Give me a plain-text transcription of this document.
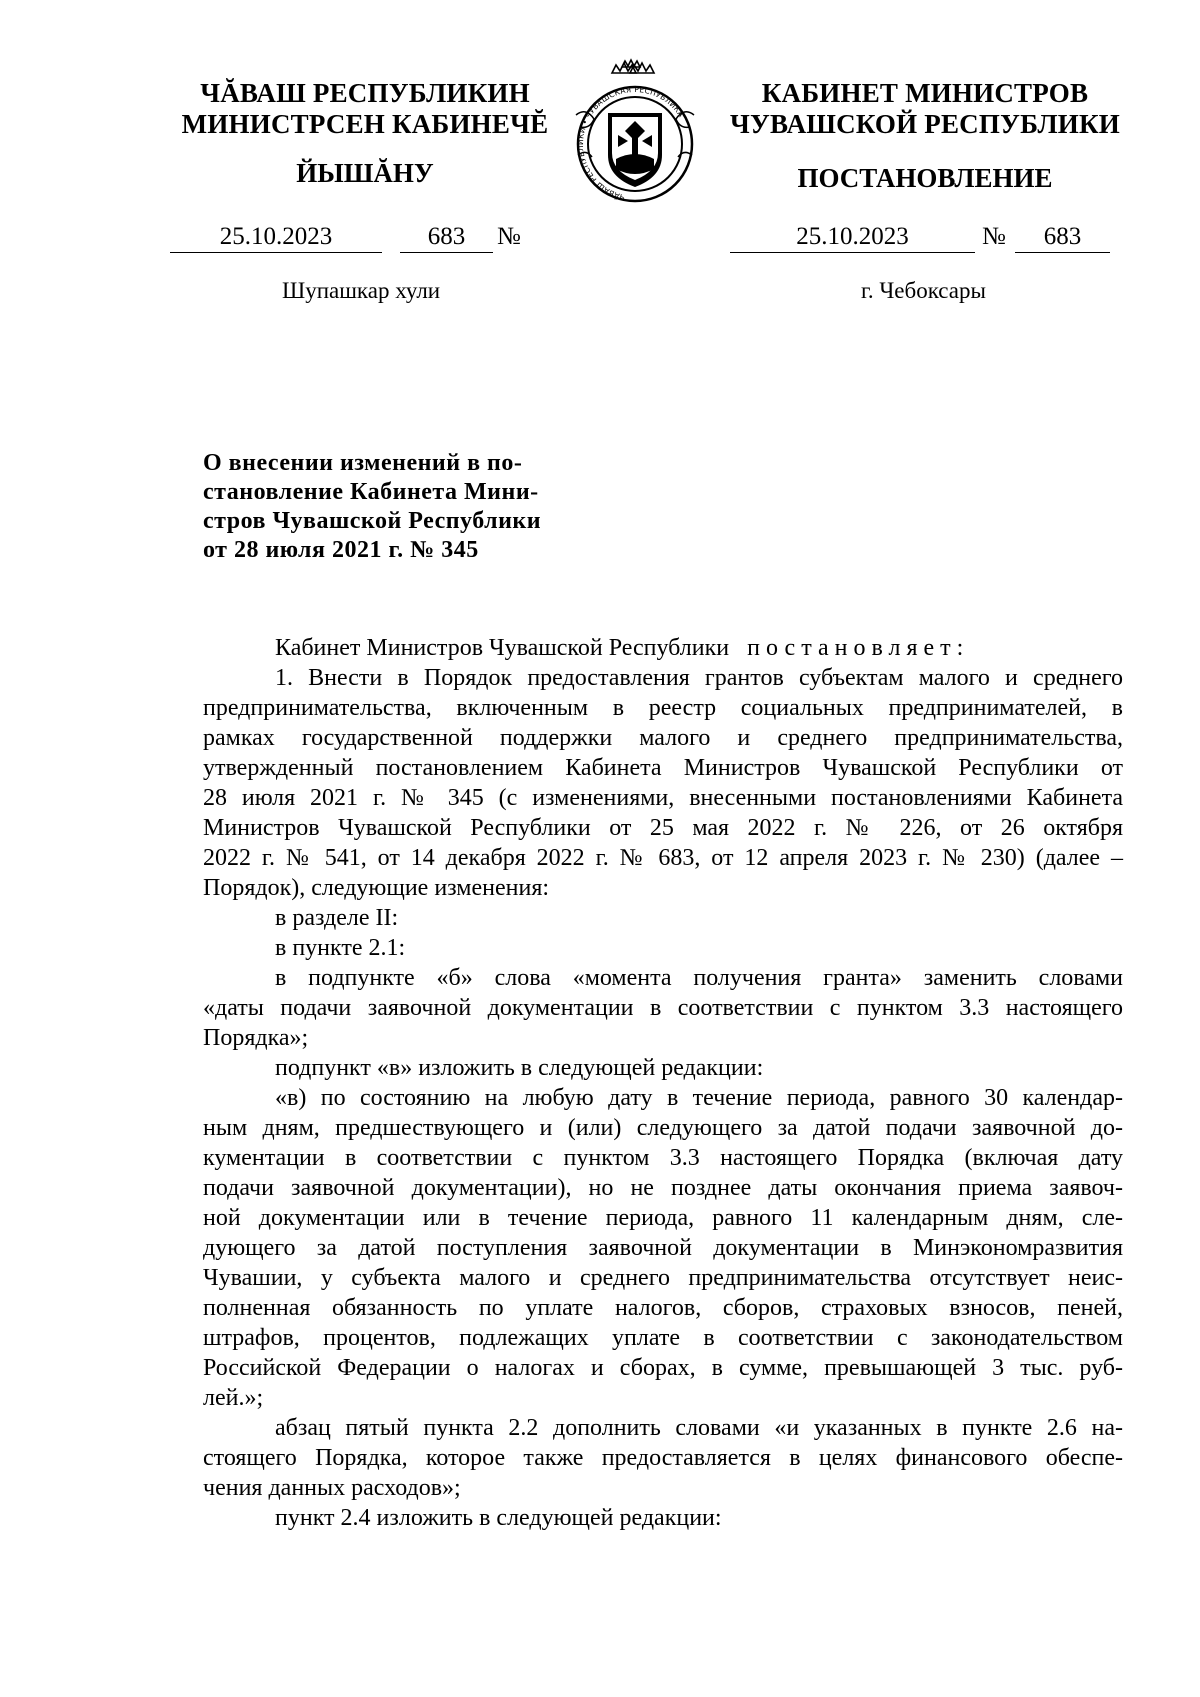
ЧĂВАШ РЕСПУБЛИКИН
МИНИСТРСЕН КАБИНЕЧĔ
ЙЫШĂНУ
ЧĂВАШ РЕСПУБЛИКИ • ЧУВАШСКАЯ РЕСПУБЛИКА
КАБИНЕТ МИНИСТРОВ
ЧУВАШСКОЙ РЕСПУБЛИКИ
ПОСТАНОВЛЕНИЕ
25.10.2023	683	№	25.10.2023	№	683
Шупашкар хули	г. Чебоксары
О внесении изменений в по-
становление Кабинета Мини-
стров Чувашской Республики
от 28 июля 2021 г. № 345
Кабинет Министров Чувашской Республики постановляет:
1. Внести в Порядок предоставления грантов субъектам малого и среднего
предпринимательства, включенным в реестр социальных предпринимателей, в
рамках государственной поддержки малого и среднего предпринимательства,
утвержденный постановлением Кабинета Министров Чувашской Республики от
28 июля 2021 г. № 345 (с изменениями, внесенными постановлениями Кабинета
Министров Чувашской Республики от 25 мая 2022 г. № 226, от 26 октября
2022 г. № 541, от 14 декабря 2022 г. № 683, от 12 апреля 2023 г. № 230) (далее –
Порядок), следующие изменения:
в разделе II:
в пункте 2.1:
в подпункте «б» слова «момента получения гранта» заменить словами
«даты подачи заявочной документации в соответствии с пунктом 3.3 настоящего
Порядка»;
подпункт «в» изложить в следующей редакции:
«в) по состоянию на любую дату в течение периода, равного 30 календар-
ным дням, предшествующего и (или) следующего за датой подачи заявочной до-
кументации в соответствии с пунктом 3.3 настоящего Порядка (включая дату
подачи заявочной документации), но не позднее даты окончания приема заявоч-
ной документации или в течение периода, равного 11 календарным дням, сле-
дующего за датой поступления заявочной документации в Минэкономразвития
Чувашии, у субъекта малого и среднего предпринимательства отсутствует неис-
полненная обязанность по уплате налогов, сборов, страховых взносов, пеней,
штрафов, процентов, подлежащих уплате в соответствии с законодательством
Российской Федерации о налогах и сборах, в сумме, превышающей 3 тыс. руб-
лей.»;
абзац пятый пункта 2.2 дополнить словами «и указанных в пункте 2.6 на-
стоящего Порядка, которое также предоставляется в целях финансового обеспе-
чения данных расходов»;
пункт 2.4 изложить в следующей редакции:
